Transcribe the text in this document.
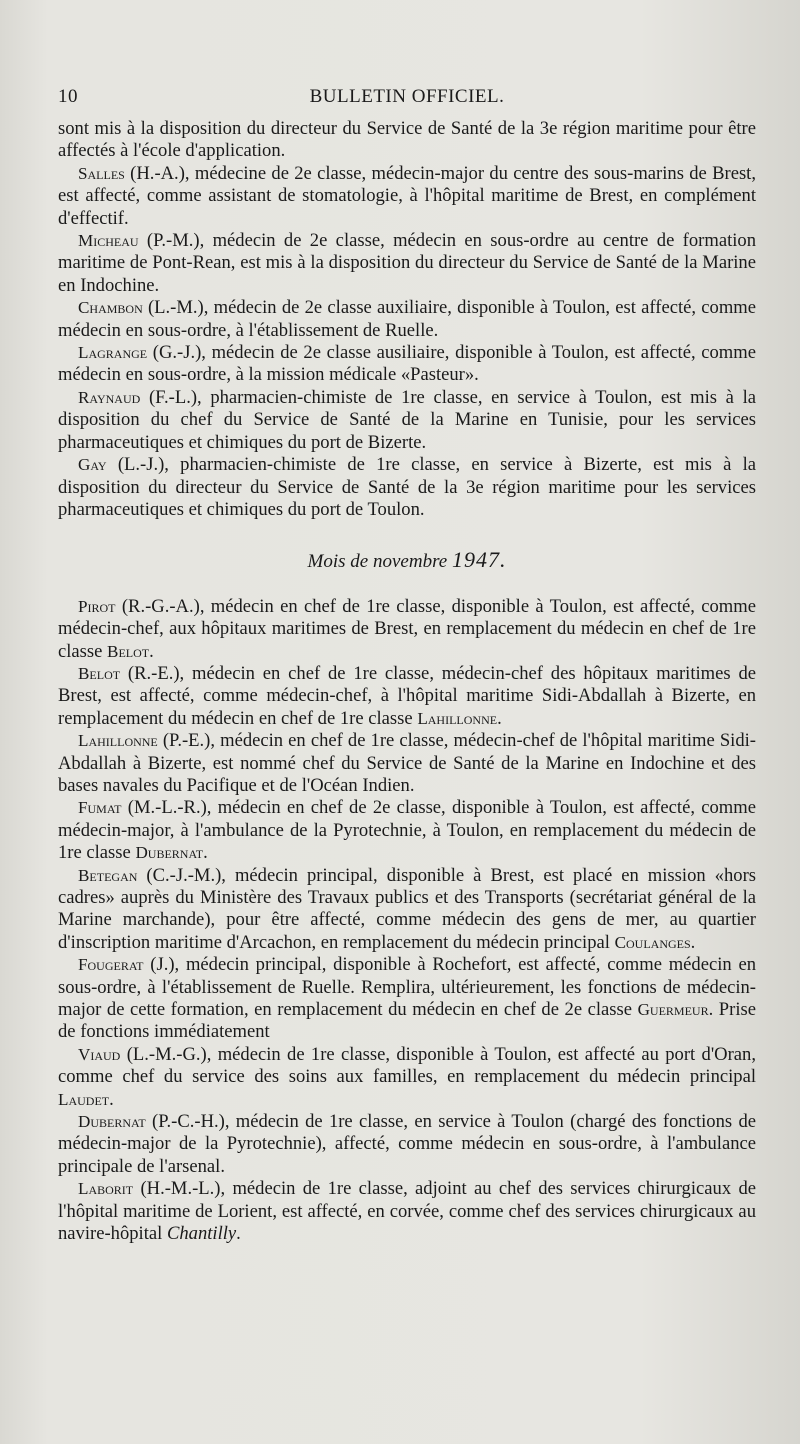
10	BULLETIN OFFICIEL.

sont mis à la disposition du directeur du Service de Santé de la 3e région maritime pour être affectés à l'école d'application.

Salles (H.-A.), médecine de 2e classe, médecin-major du centre des sous-marins de Brest, est affecté, comme assistant de stomatologie, à l'hôpital maritime de Brest, en complément d'effectif.

Micheau (P.-M.), médecin de 2e classe, médecin en sous-ordre au centre de formation maritime de Pont-Rean, est mis à la disposition du directeur du Service de Santé de la Marine en Indochine.

Chambon (L.-M.), médecin de 2e classe auxiliaire, disponible à Toulon, est affecté, comme médecin en sous-ordre, à l'établissement de Ruelle.

Lagrange (G.-J.), médecin de 2e classe ausiliaire, disponible à Toulon, est affecté, comme médecin en sous-ordre, à la mission médicale «Pasteur».

Raynaud (F.-L.), pharmacien-chimiste de 1re classe, en service à Toulon, est mis à la disposition du chef du Service de Santé de la Marine en Tunisie, pour les services pharmaceutiques et chimiques du port de Bizerte.

Gay (L.-J.), pharmacien-chimiste de 1re classe, en service à Bizerte, est mis à la disposition du directeur du Service de Santé de la 3e région maritime pour les services pharmaceutiques et chimiques du port de Toulon.

Mois de novembre 1947.

Pirot (R.-G.-A.), médecin en chef de 1re classe, disponible à Toulon, est affecté, comme médecin-chef, aux hôpitaux maritimes de Brest, en remplacement du médecin en chef de 1re classe Belot.

Belot (R.-E.), médecin en chef de 1re classe, médecin-chef des hôpitaux maritimes de Brest, est affecté, comme médecin-chef, à l'hôpital maritime Sidi-Abdallah à Bizerte, en remplacement du médecin en chef de 1re classe Lahillonne.

Lahillonne (P.-E.), médecin en chef de 1re classe, médecin-chef de l'hôpital maritime Sidi-Abdallah à Bizerte, est nommé chef du Service de Santé de la Marine en Indochine et des bases navales du Pacifique et de l'Océan Indien.

Fumat (M.-L.-R.), médecin en chef de 2e classe, disponible à Toulon, est affecté, comme médecin-major, à l'ambulance de la Pyrotechnie, à Toulon, en remplacement du médecin de 1re classe Dubernat.

Betegan (C.-J.-M.), médecin principal, disponible à Brest, est placé en mission «hors cadres» auprès du Ministère des Travaux publics et des Transports (secrétariat général de la Marine marchande), pour être affecté, comme médecin des gens de mer, au quartier d'inscription maritime d'Arcachon, en remplacement du médecin principal Coulanges.

Fougerat (J.), médecin principal, disponible à Rochefort, est affecté, comme médecin en sous-ordre, à l'établissement de Ruelle. Remplira, ultérieurement, les fonctions de médecin-major de cette formation, en remplacement du médecin en chef de 2e classe Guermeur. Prise de fonctions immédiatement

Viaud (L.-M.-G.), médecin de 1re classe, disponible à Toulon, est affecté au port d'Oran, comme chef du service des soins aux familles, en remplacement du médecin principal Laudet.

Dubernat (P.-C.-H.), médecin de 1re classe, en service à Toulon (chargé des fonctions de médecin-major de la Pyrotechnie), affecté, comme médecin en sous-ordre, à l'ambulance principale de l'arsenal.

Laborit (H.-M.-L.), médecin de 1re classe, adjoint au chef des services chirurgicaux de l'hôpital maritime de Lorient, est affecté, en corvée, comme chef des services chirurgicaux au navire-hôpital Chantilly.
